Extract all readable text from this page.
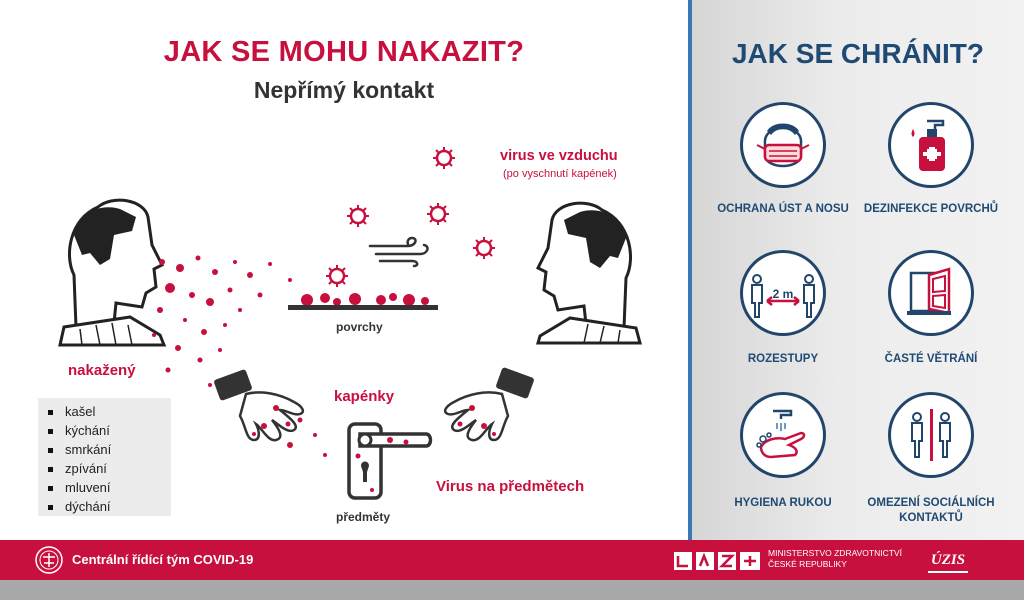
JAK SE MOHU NAKAZIT?
Nepřímý kontakt
povrchy
virus ve vzduchu
(po vyschnutí kapének)
nakažený
kašel
kýchání
smrkání
zpívání
mluvení
dýchání
kapénky
Virus na předmětech
předměty
JAK SE CHRÁNIT?
OCHRANA ÚST A NOSU	DEZINFEKCE POVRCHŮ
2 m
ROZESTUPY	ČASTÉ VĚTRÁNÍ
HYGIENA RUKOU	OMEZENÍ SOCIÁLNÍCH KONTAKTŮ
Centrální řídící tým COVID-19	MINISTERSTVO ZDRAVOTNICTVÍ
ČESKÉ REPUBLIKY	ÚZIS
